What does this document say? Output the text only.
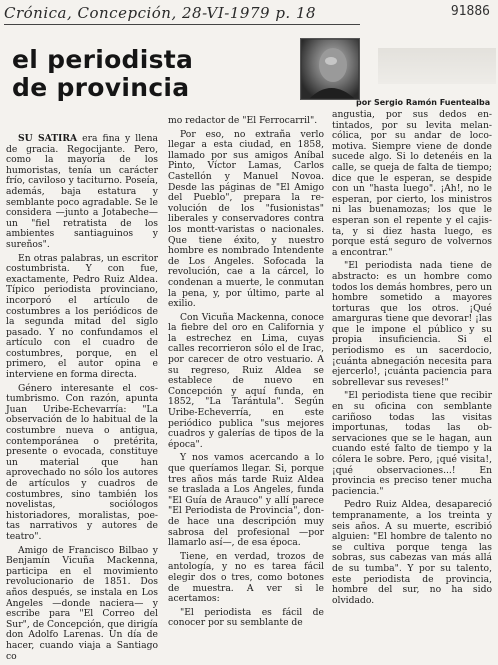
Crónica, Concepción, 28-VI-1979 p. 18	91886
el periodista
de provincia
por Sergio Ramón Fuentealba

SU SATIRA era fina y llena de gracia. Regocijante. Pero, como la mayoría de los humoristas, tenía un carácter frío, caviloso y taciturno. Poseía, además, baja estatura y semblante poco agradable. Se le considera —junto a Jotabeche— un "fiel retratista de los ambientes santiaguinos y sureños".

En otras palabras, un escritor costumbrista. Y con fue, exactamente, Pedro Ruiz Aldea. Típico periodista provinciano, incorporó el artículo de costumbres a los periódicos de la segunda mitad del siglo pasado. Y no confundamos el artículo con el cuadro de costumbres, porque, en el primero, el autor opina e interviene en forma directa.

Género interesante el costumbrismo. Con razón, apunta Juan Uribe-Echevarría: "La observación de lo habitual de la costumbre nueva o antigua, contemporánea o pretérita, presente o evocada, constituye un material que han aprovechado no sólo los autores de artículos y cuadros de costumbres, sino también los novelistas, sociólogos historiadores, moralistas, poetas narrativos y autores de teatro".

Amigo de Francisco Bilbao y Benjamín Vicuña Mackenna, participa en el movimiento revolucionario de 1851. Dos años después, se instala en Los Angeles —donde naciera— y escribe para "El Correo del Sur", de Concepción, que dirigía don Adolfo Larenas. Un día de hacer, cuando viaja a Santiago co

mo redactor de "El Ferrocarril".

Por eso, no extraña verlo llegar a esta ciudad, en 1858, llamado por sus amigos Aníbal Pinto, Víctor Lamas, Carlos Castellón y Manuel Novoa. Desde las páginas de "El Amigo del Pueblo", prepara la revolución de los "fusionistas" liberales y conservadores contra los montt-varistas o nacionales. Que tiene éxito, y nuestro hombre es nombrado Intendente de Los Angeles. Sofocada la revolución, cae a la cárcel, lo condenan a muerte, le conmutan la pena, y, por último, parte al exilio.

Con Vicuña Mackenna, conoce la fiebre del oro en California y la estrechez en Lima, cuyas calles recorrieron sólo el de Irac, por carecer de otro vestuario. A su regreso, Ruiz Aldea se establece de nuevo en Concepción y aquí funda, en 1852, "La Tarántula". Según Uribe-Echeverría, en este periódico publica "sus mejores cuadros y galerías de tipos de la época".

Y nos vamos acercando a lo que queríamos llegar. Si, porque tres años más tarde Ruiz Aldea se traslada a Los Angeles, funda "El Guía de Arauco" y allí parece "El Periodista de Provincia", donde hace una descripción muy sabrosa del profesional —por llamarlo así—, de esa época.

Tiene, en verdad, trozos de antología, y no es tarea fácil elegir dos o tres, como botones de muestra. A ver si le acertamos:

"El periodista es fácil de conocer por su semblante de

angustia, por sus dedos entintados, por su levita melancólica, por su andar de locomotiva. Siempre viene de donde sucede algo. Si lo detenéis en la calle, se queja de falta de tiempo; dice que le esperan, se despide con un "hasta luego". ¡Ah!, no le esperan, por cierto, los ministros ni las buenamozas; los que le esperan son el repente y el cajista, y si diez hasta luego, es porque está seguro de volvernos a encontrar."

"El periodista nada tiene de abstracto: es un hombre como todos los demás hombres, pero un hombre sometido a mayores torturas que los otros. ¡Qué amarguras tiene que devorar! ¡las que le impone el público y su propia insuficiencia. Si el periodismo es un sacerdocio, ¡cuánta abnegación necesita para ejercerlo!, ¡cuánta paciencia para sobrellevar sus reveses!"

"El periodista tiene que recibir en su oficina con semblante cariñoso todas las visitas importunas, todas las observaciones que se le hagan, aun cuando esté falto de tiempo y la cólera le sobre. Pero, ¡qué visita!, ¡qué observaciones...! En provincia es preciso tener mucha paciencia."

Pedro Ruiz Aldea, desapareció tempranamente, a los treinta y seis años. A su muerte, escribió alguien: "El hombre de talento no se cultiva porque tenga las sobras, sus cabezas van más allá de su tumba". Y por su talento, este periodista de provincia, hombre del sur, no ha sido olvidado.
